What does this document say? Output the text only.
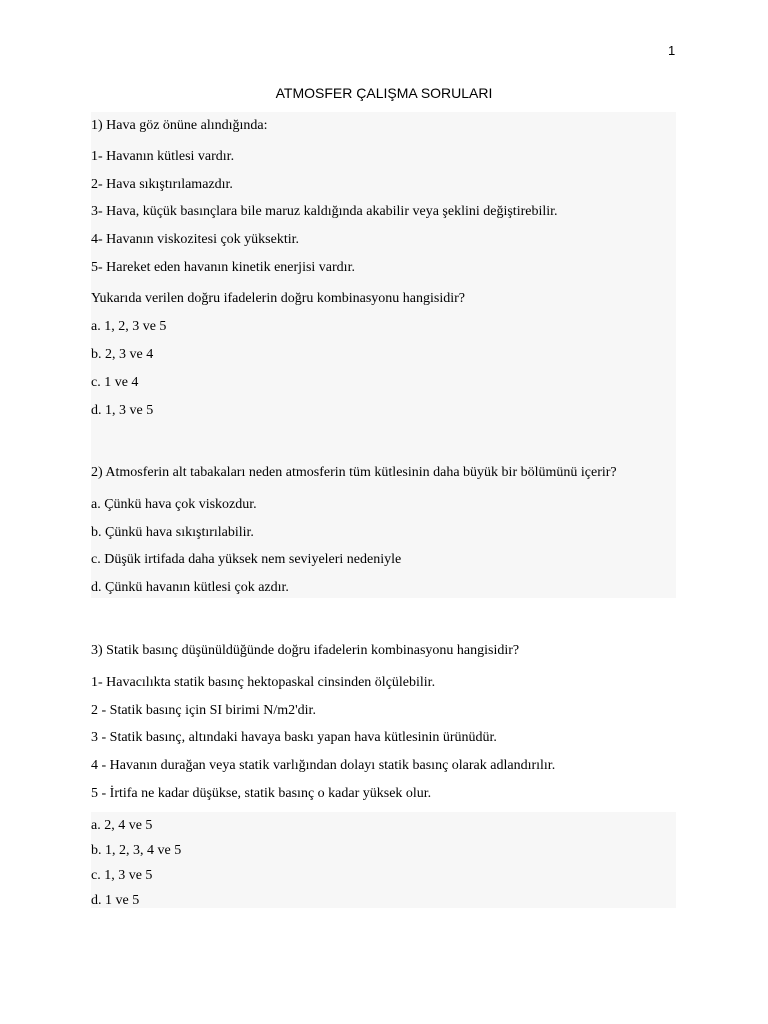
1
ATMOSFER ÇALIŞMA SORULARI
1) Hava göz önüne alındığında:
1- Havanın kütlesi vardır.
2- Hava sıkıştırılamazdır.
3- Hava, küçük basınçlara bile maruz kaldığında akabilir veya şeklini değiştirebilir.
4- Havanın viskozitesi çok yüksektir.
5- Hareket eden havanın kinetik enerjisi vardır.
Yukarıda verilen doğru ifadelerin doğru kombinasyonu hangisidir?
a. 1, 2, 3 ve 5
b. 2, 3 ve 4
c. 1 ve 4
d. 1, 3 ve 5
2) Atmosferin alt tabakaları neden atmosferin tüm kütlesinin daha büyük bir bölümünü içerir?
a. Çünkü hava çok viskozdur.
b. Çünkü hava sıkıştırılabilir.
c. Düşük irtifada daha yüksek nem seviyeleri nedeniyle
d. Çünkü havanın kütlesi çok azdır.
3) Statik basınç düşünüldüğünde doğru ifadelerin kombinasyonu hangisidir?
1- Havacılıkta statik basınç hektopaskal cinsinden ölçülebilir.
2 - Statik basınç için SI birimi N/m2'dir.
3 - Statik basınç, altındaki havaya baskı yapan hava kütlesinin ürünüdür.
4 - Havanın durağan veya statik varlığından dolayı statik basınç olarak adlandırılır.
5 - İrtifa ne kadar düşükse, statik basınç o kadar yüksek olur.
a. 2, 4 ve 5
b. 1, 2, 3, 4 ve 5
c. 1, 3 ve 5
d. 1 ve 5
